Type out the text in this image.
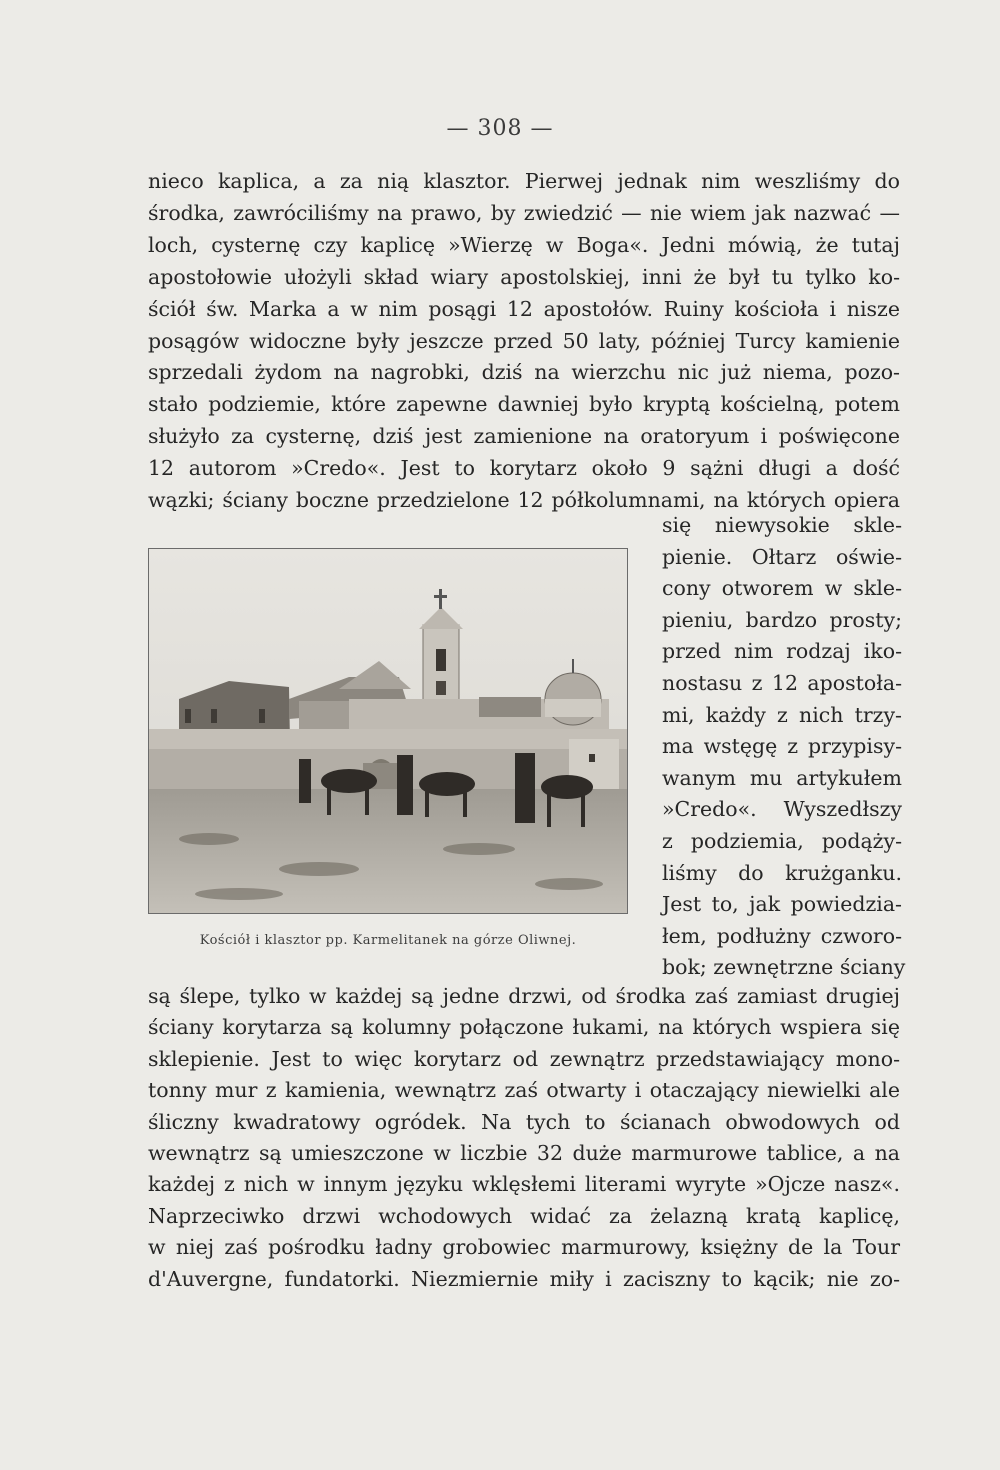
— 308 —
nieco kaplica, a za nią klasztor. Pierwej jednak nim weszliśmy do
środka, zawróciliśmy na prawo, by zwiedzić — nie wiem jak nazwać —
loch, cysternę czy kaplicę »Wierzę w Boga«. Jedni mówią, że tutaj
apostołowie ułożyli skład wiary apostolskiej, inni że był tu tylko ko-
ściół św. Marka a w nim posągi 12 apostołów. Ruiny kościoła i nisze
posągów widoczne były jeszcze przed 50 laty, później Turcy kamienie
sprzedali żydom na nagrobki, dziś na wierzchu nic już niema, pozo-
stało podziemie, które zapewne dawniej było kryptą kościelną, potem
służyło za cysternę, dziś jest zamienione na oratoryum i poświęcone
12 autorom »Credo«. Jest to korytarz około 9 sążni długi a dość
wązki; ściany boczne przedzielone 12 półkolumnami, na których opiera
się niewysokie skle-
pienie. Ołtarz oświe-
cony otworem w skle-
pieniu, bardzo prosty;
przed nim rodzaj iko-
nostasu z 12 apostoła-
mi, każdy z nich trzy-
ma wstęgę z przypisy-
wanym mu artykułem
»Credo«. Wyszedłszy
z podziemia, podąży-
liśmy do krużganku.
Jest to, jak powiedzia-
łem, podłużny czworo-
bok; zewnętrzne ściany
są ślepe, tylko w każdej są jedne drzwi, od środka zaś zamiast drugiej
ściany korytarza są kolumny połączone łukami, na których wspiera się
sklepienie. Jest to więc korytarz od zewnątrz przedstawiający mono-
tonny mur z kamienia, wewnątrz zaś otwarty i otaczający niewielki ale
śliczny kwadratowy ogródek. Na tych to ścianach obwodowych od
wewnątrz są umieszczone w liczbie 32 duże marmurowe tablice, a na
każdej z nich w innym języku wklęsłemi literami wyryte »Ojcze nasz«.
Naprzeciwko drzwi wchodowych widać za żelazną kratą kaplicę,
w niej zaś pośrodku ładny grobowiec marmurowy, księżny de la Tour
d'Auvergne, fundatorki. Niezmiernie miły i zaciszny to kącik; nie zo-
Kościół i klasztor pp. Karmelitanek na górze Oliwnej.
